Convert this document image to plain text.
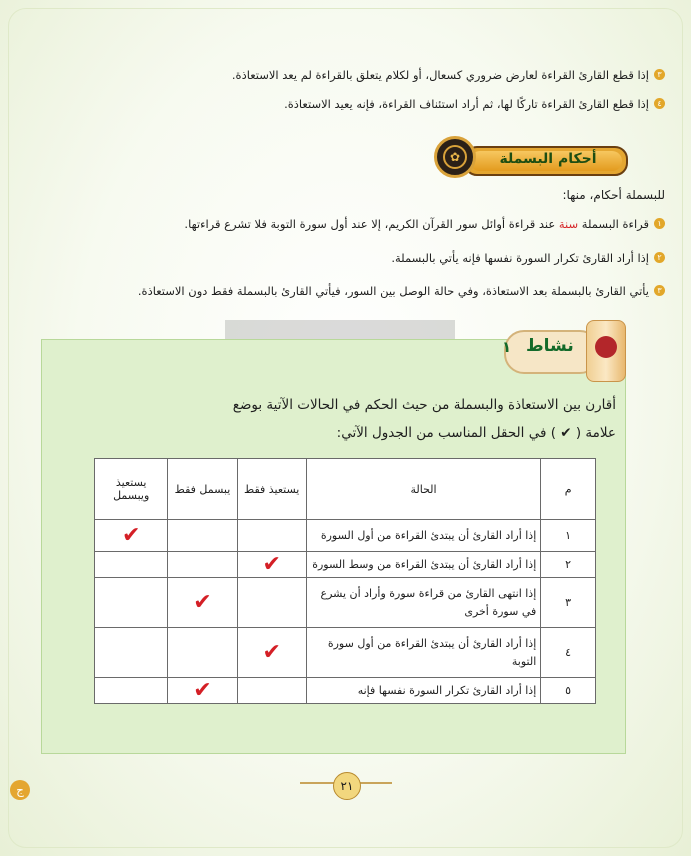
٣
إذا قطع القارئ القراءة لعارض ضروري كسعال، أو لكلام يتعلق بالقراءة لم يعد الاستعاذة.
٤
إذا قطع القارئ القراءة تاركًا لها، ثم أراد استئناف القراءة، فإنه يعيد الاستعاذة.
أحكام البسملة
✿
للبسملة أحكام، منها:
١
قراءة البسملة سنة عند قراءة أوائل سور القرآن الكريم، إلا عند أول سورة التوبة فلا تشرع قراءتها.
٢
إذا أراد القارئ تكرار السورة نفسها فإنه يأتي بالبسملة.
٣
يأتي القارئ بالبسملة بعد الاستعاذة، وفي حالة الوصل بين السور، فيأتي القارئ بالبسملة فقط دون الاستعاذة.
١ نشاط
أقارن بين الاستعاذة والبسملة من حيث الحكم في الحالات الآتية بوضع
علامة ( ✔ ) في الحقل المناسب من الجدول الآتي:
م	الحالة	يستعيذ فقط	يبسمل فقط	يستعيذ ويبسمل
١	إذا أراد القارئ أن يبتدئ القراءة من أول السورة			✔
٢	إذا أراد القارئ أن يبتدئ القراءة من وسط السورة	✔		
٣	إذا انتهى القارئ من قراءة سورة وأراد أن يشرع في سورة أخرى		✔	
٤	إذا أراد القارئ أن يبتدئ القراءة من أول سورة التوبة	✔		
٥	إذا أراد القارئ تكرار السورة نفسها فإنه		✔	
٢١
ج
